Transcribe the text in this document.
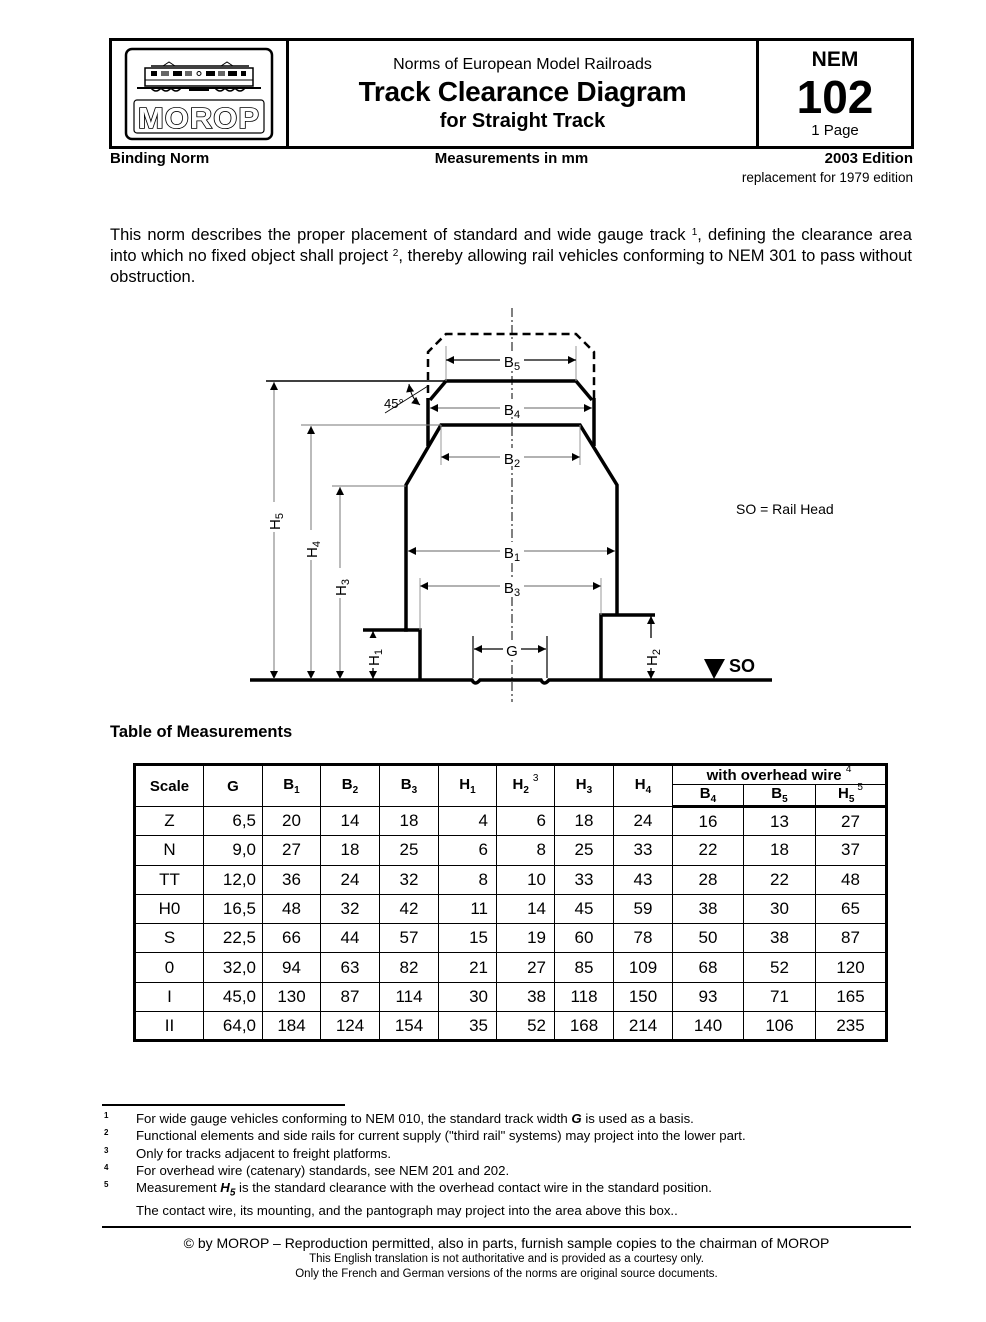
MOROP
Norms of European Model Railroads
Track Clearance Diagram
for Straight Track
NEM
102
1 Page
Binding Norm	Measurements in mm	2003 Edition
replacement for 1979 edition
This norm describes the proper placement of standard and wide gauge track $^1$, defining the clearance area into which no fixed object shall project $^2$, thereby allowing rail vehicles conforming to NEM 301 to pass without obstruction.
$B_5$
$B_4$
$B_2$
$B_1$
$B_3$
G
$H_5$
$H_4$
$H_3$
$H_1$
$H_2$
45°
SO = Rail Head
SO
Table of Measurements
Scale	G	$B_1$	$B_2$	$B_3$	$H_1$	$H_2^3$	$H_3$	$H_4$	with overhead wire $^4$
									$B_4$	$B_5$	$H_5^5$
Z	6,5	20	14	18	4	6	18	24	16	13	27
N	9,0	27	18	25	6	8	25	33	22	18	37
TT	12,0	36	24	32	8	10	33	43	28	22	48
H0	16,5	48	32	42	11	14	45	59	38	30	65
S	22,5	66	44	57	15	19	60	78	50	38	87
0	32,0	94	63	82	21	27	85	109	68	52	120
I	45,0	130	87	114	30	38	118	150	93	71	165
II	64,0	184	124	154	35	52	168	214	140	106	235
1	For wide gauge vehicles conforming to NEM 010, the standard track width G is used as a basis.
2	Functional elements and side rails for current supply ("third rail" systems) may project into the lower part.
3	Only for tracks adjacent to freight platforms.
4	For overhead wire (catenary) standards, see NEM 201 and 202.
5	Measurement $H_5$ is the standard clearance with the overhead contact wire in the standard position.
The contact wire, its mounting, and the pantograph may project into the area above this box..
© by MOROP – Reproduction permitted, also in parts, furnish sample copies to the chairman of MOROP
This English translation is not authoritative and is provided as a courtesy only.
Only the French and German versions of the norms are original source documents.
